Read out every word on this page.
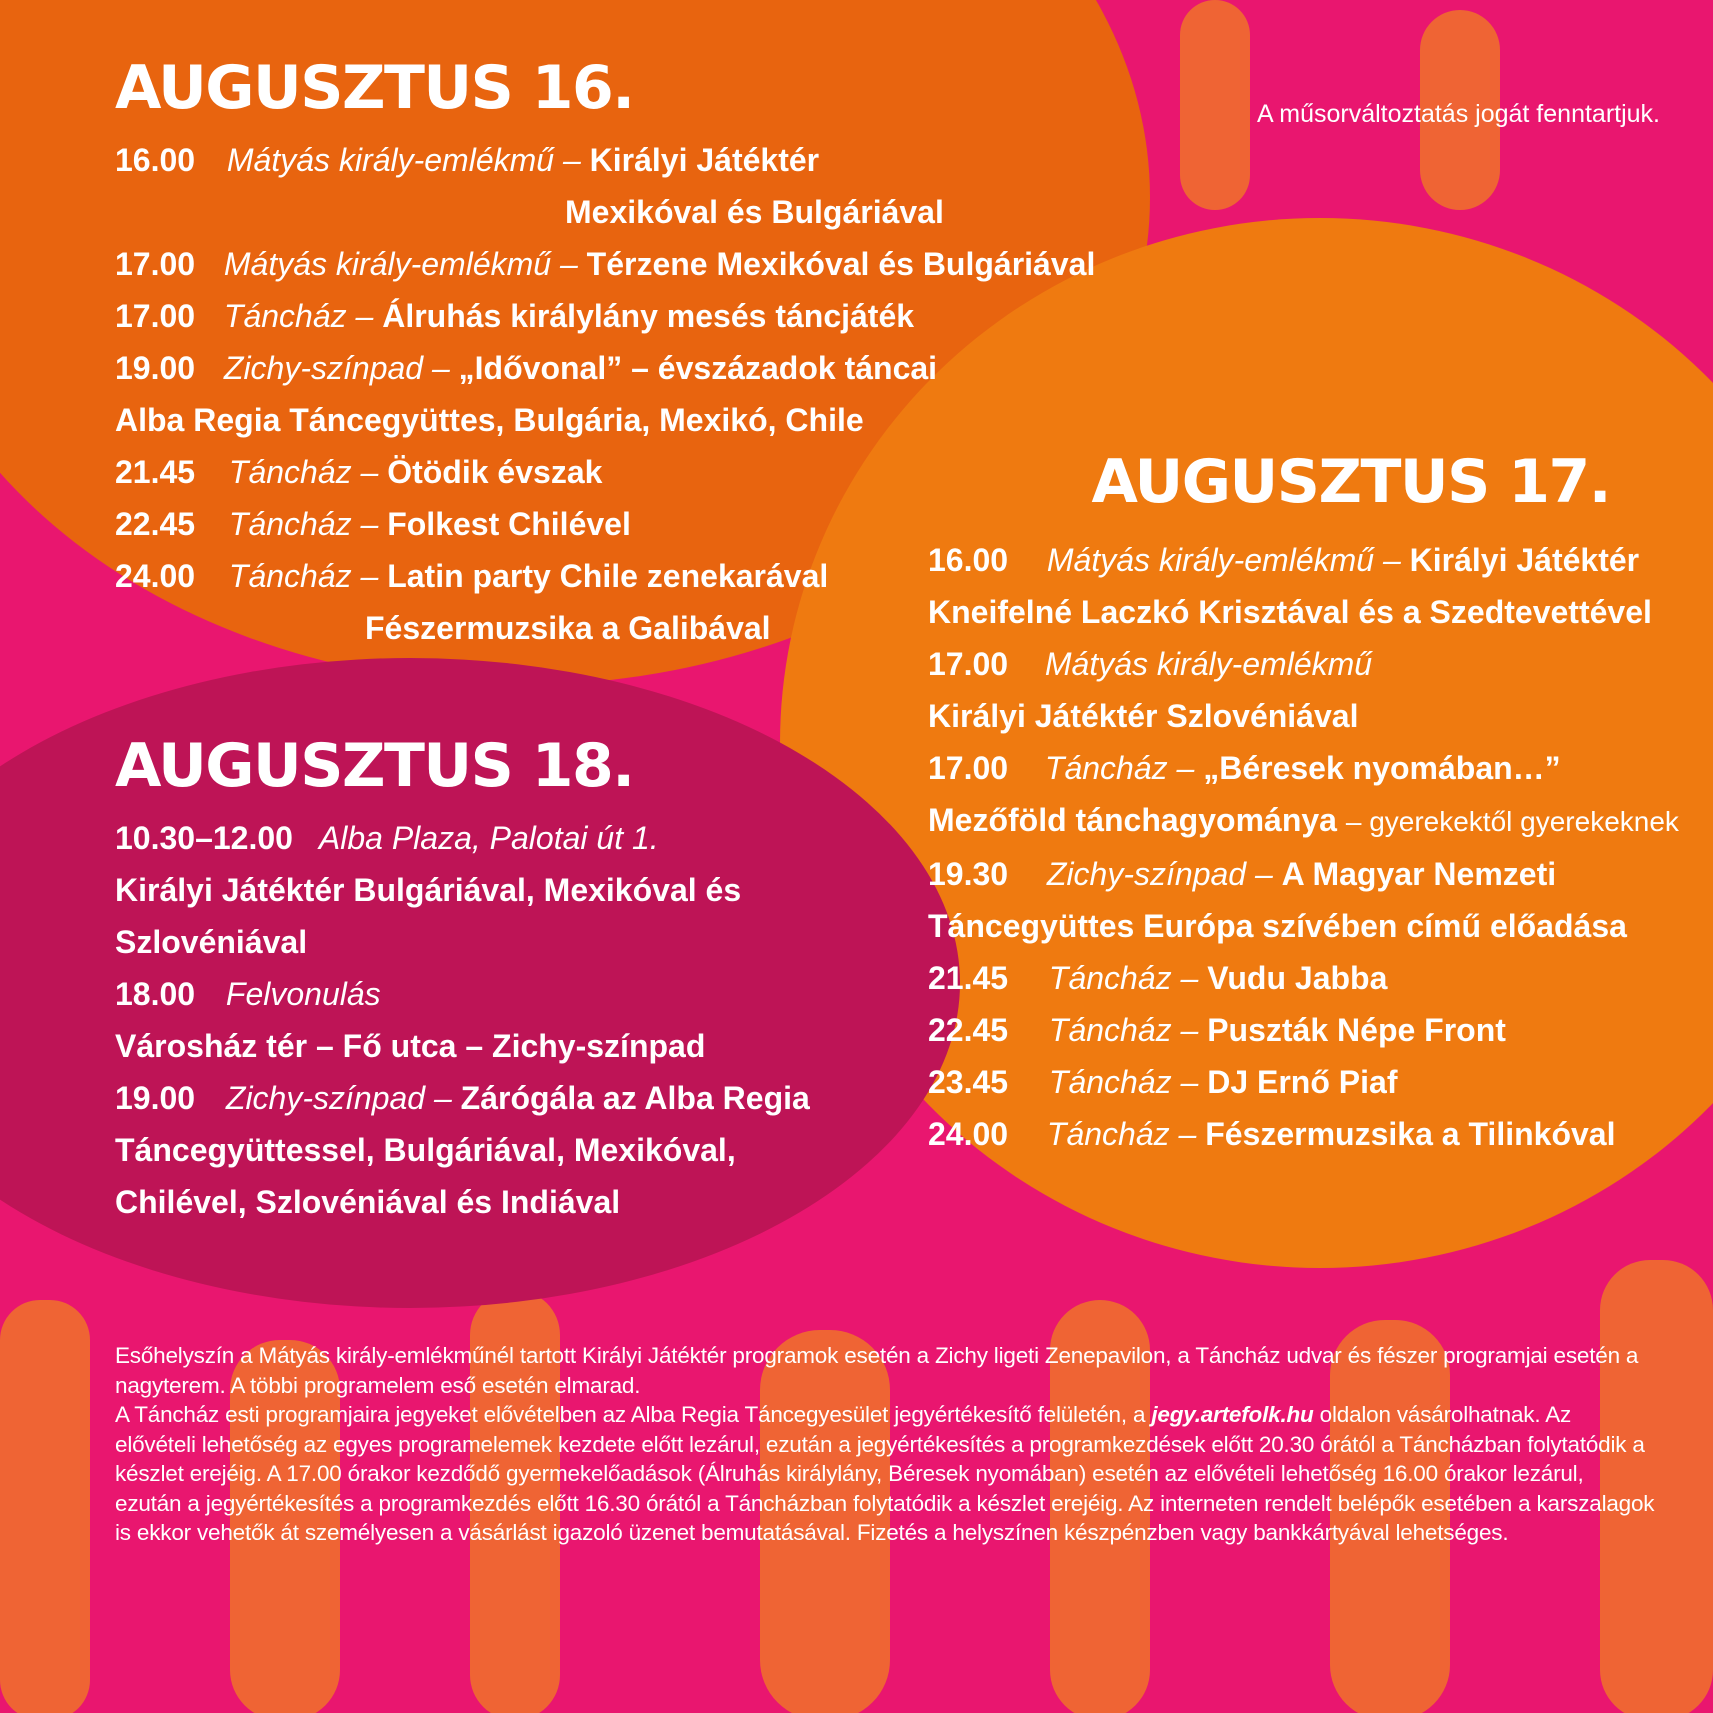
A műsorváltoztatás jogát fenntartjuk.
AUGUSZTUS 16.
16.00 Mátyás király-emlékmű – Királyi Játéktér
Mexikóval és Bulgáriával
17.00 Mátyás király-emlékmű – Térzene Mexikóval és Bulgáriával
17.00 Táncház – Álruhás királylány mesés táncjáték
19.00 Zichy-színpad – „Idővonal” – évszázadok táncai
Alba Regia Táncegyüttes, Bulgária, Mexikó, Chile
21.45 Táncház – Ötödik évszak
22.45 Táncház – Folkest Chilével
24.00 Táncház – Latin party Chile zenekarával
Fészermuzsika a Galibával
AUGUSZTUS 17.
16.00 Mátyás király-emlékmű – Királyi Játéktér
Kneifelné Laczkó Krisztával és a Szedtevettével
17.00 Mátyás király-emlékmű
Királyi Játéktér Szlovéniával
17.00 Táncház – „Béresek nyomában…”
Mezőföld tánchagyománya – gyerekektől gyerekeknek
19.30 Zichy-színpad – A Magyar Nemzeti
Táncegyüttes Európa szívében című előadása
21.45 Táncház – Vudu Jabba
22.45 Táncház – Puszták Népe Front
23.45 Táncház – DJ Ernő Piaf
24.00 Táncház – Fészermuzsika a Tilinkóval
AUGUSZTUS 18.
10.30–12.00 Alba Plaza, Palotai út 1.
Királyi Játéktér Bulgáriával, Mexikóval és
Szlovéniával
18.00 Felvonulás
Városház tér – Fő utca – Zichy-színpad
19.00 Zichy-színpad – Zárógála az Alba Regia
Táncegyüttessel, Bulgáriával, Mexikóval,
Chilével, Szlovéniával és Indiával

Esőhelyszín a Mátyás király-emlékműnél tartott Királyi Játéktér programok esetén a Zichy ligeti Zenepavilon, a Táncház udvar és fészer programjai esetén a nagyterem. A többi programelem eső esetén elmarad.

A Táncház esti programjaira jegyeket elővételben az Alba Regia Táncegyesület jegyértékesítő felületén, a jegy.artefolk.hu oldalon vásárolhatnak. Az elővételi lehetőség az egyes programelemek kezdete előtt lezárul, ezután a jegyértékesítés a programkezdések előtt 20.30 órától a Táncházban folytatódik a készlet erejéig. A 17.00 órakor kezdődő gyermekelőadások (Álruhás királylány, Béresek nyomában) esetén az elővételi lehetőség 16.00 órakor lezárul, ezután a jegyértékesítés a programkezdés előtt 16.30 órától a Táncházban folytatódik a készlet erejéig. Az interneten rendelt belépők esetében a karszalagok is ekkor vehetők át személyesen a vásárlást igazoló üzenet bemutatásával. Fizetés a helyszínen készpénzben vagy bankkártyával lehetséges.
